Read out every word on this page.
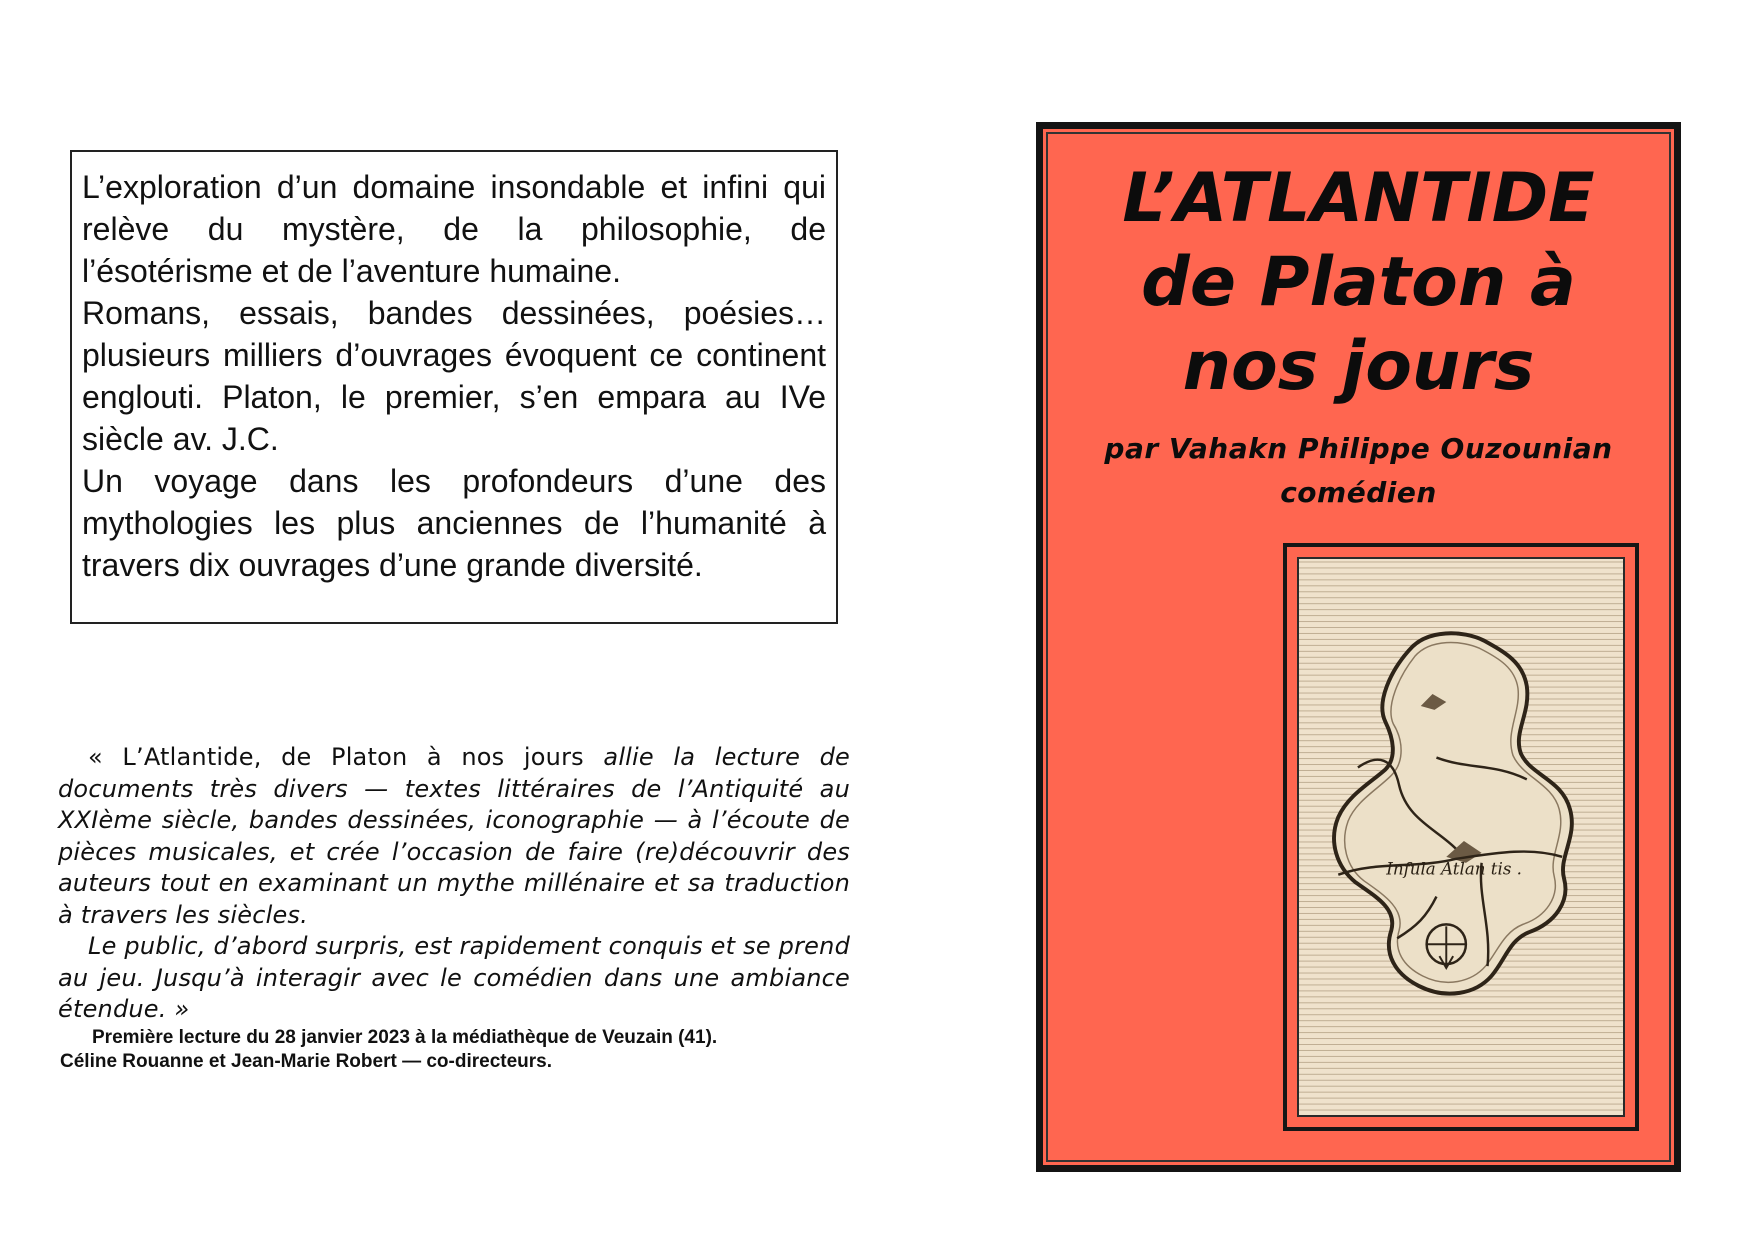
L’exploration d’un domaine insondable et infini qui relève du mystère, de la philosophie, de l’ésotérisme et de l’aventure humaine.

Romans, essais, bandes dessinées, poésies… plusieurs milliers d’ouvrages évoquent ce continent englouti. Platon, le premier, s’en empara au IVe siècle av. J.C.

Un voyage dans les profondeurs d’une des mythologies les plus anciennes de l’humanité à travers dix ouvrages d’une grande diversité.

« L’Atlantide, de Platon à nos jours allie la lecture de documents très divers — textes littéraires de l’Antiquité au XXIème siècle, bandes dessinées, iconographie — à l’écoute de pièces musicales, et crée l’occasion de faire (re)découvrir des auteurs tout en examinant un mythe millénaire et sa traduction à travers les siècles.

Le public, d’abord surpris, est rapidement conquis et se prend au jeu. Jusqu’à interagir avec le comédien dans une ambiance étendue. »

Première lecture du 28 janvier 2023 à la médiathèque de Veuzain (41).

Céline Rouanne et Jean-Marie Robert — co-directeurs.

L’ATLANTIDE
de Platon à
nos jours
par Vahakn Philippe Ouzounian
comédien
Infula Atlan tis .
